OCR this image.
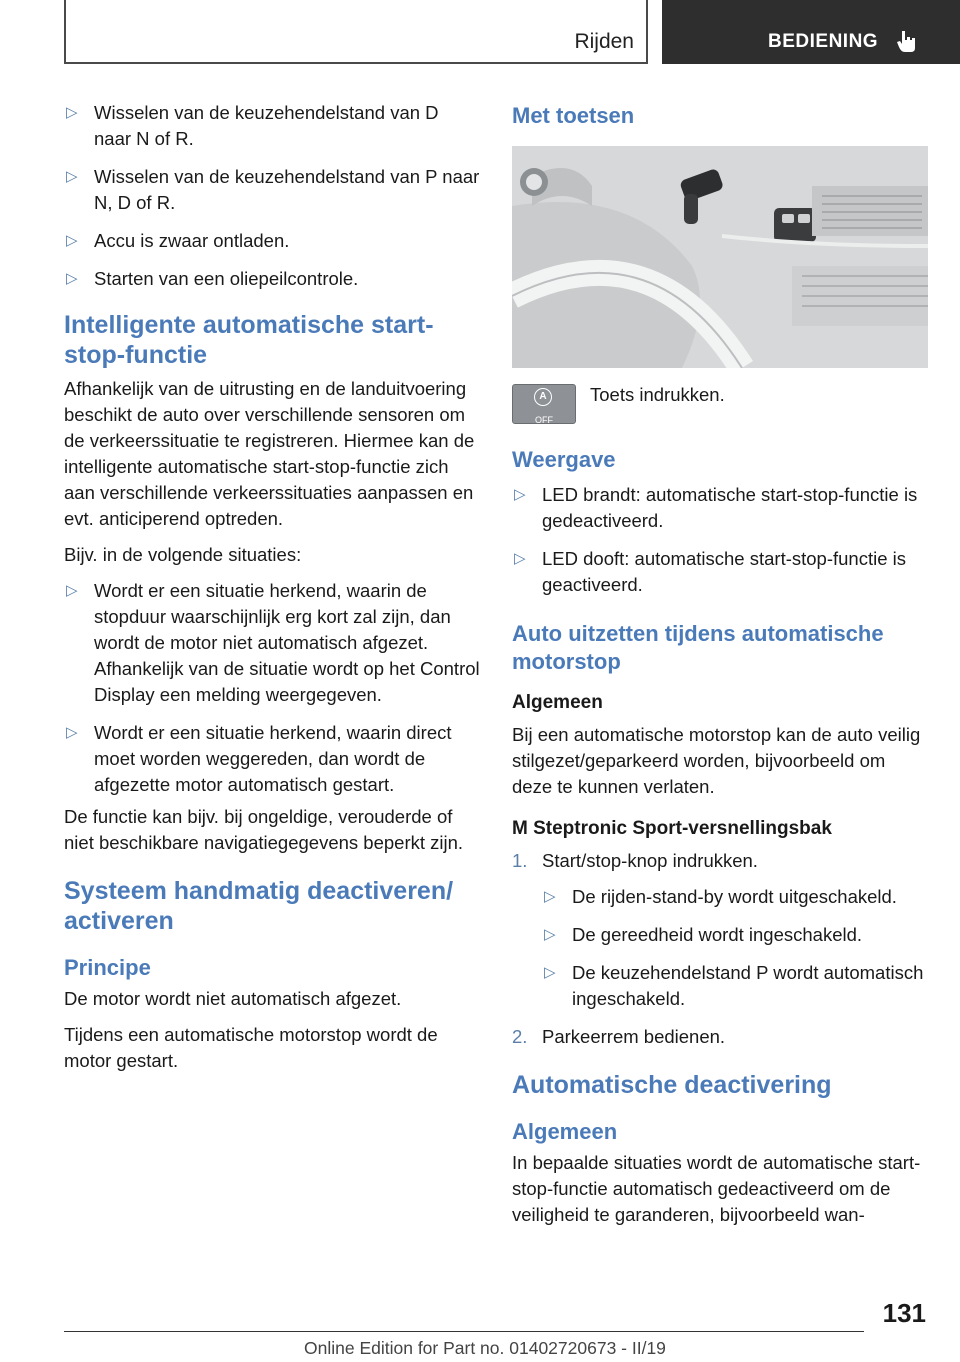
Rijden	BEDIENING
▷ Wisselen van de keuzehendelstand van D naar N of R.
▷ Wisselen van de keuzehendelstand van P naar N, D of R.
▷ Accu is zwaar ontladen.
▷ Starten van een oliepeilcontrole.
Intelligente automatische start-stop-functie

Afhankelijk van de uitrusting en de landuitvoering beschikt de auto over verschillende sensoren om de verkeerssituatie te registreren. Hiermee kan de intelligente automatische start-stop-functie zich aan verschillende verkeerssituaties aanpassen en evt. anticiperend optreden.

Bijv. in de volgende situaties:

▷ Wordt er een situatie herkend, waarin de stopduur waarschijnlijk erg kort zal zijn, dan wordt de motor niet automatisch afgezet. Afhankelijk van de situatie wordt op het Control Display een melding weergegeven.
▷ Wordt er een situatie herkend, waarin direct moet worden weggereden, dan wordt de afgezette motor automatisch gestart.

De functie kan bijv. bij ongeldige, verouderde of niet beschikbare navigatiegegevens beperkt zijn.

Systeem handmatig deactiveren/ activeren
Principe

De motor wordt niet automatisch afgezet.

Tijdens een automatische motorstop wordt de motor gestart.

Met toetsen
A
OFF
Toets indrukken.
Weergave
▷ LED brandt: automatische start-stop-functie is gedeactiveerd.
▷ LED dooft: automatische start-stop-functie is geactiveerd.
Auto uitzetten tijdens automatische motorstop
Algemeen

Bij een automatische motorstop kan de auto veilig stilgezet/geparkeerd worden, bijvoorbeeld om deze te kunnen verlaten.

M Steptronic Sport-versnellingsbak
1. Start/stop-knop indrukken.
▷ De rijden-stand-by wordt uitgeschakeld.
▷ De gereedheid wordt ingeschakeld.
▷ De keuzehendelstand P wordt automatisch ingeschakeld.
2. Parkeerrem bedienen.
Automatische deactivering
Algemeen

In bepaalde situaties wordt de automatische start-stop-functie automatisch gedeactiveerd om de veiligheid te garanderen, bijvoorbeeld wan-

131
Online Edition for Part no. 01402720673 - II/19
